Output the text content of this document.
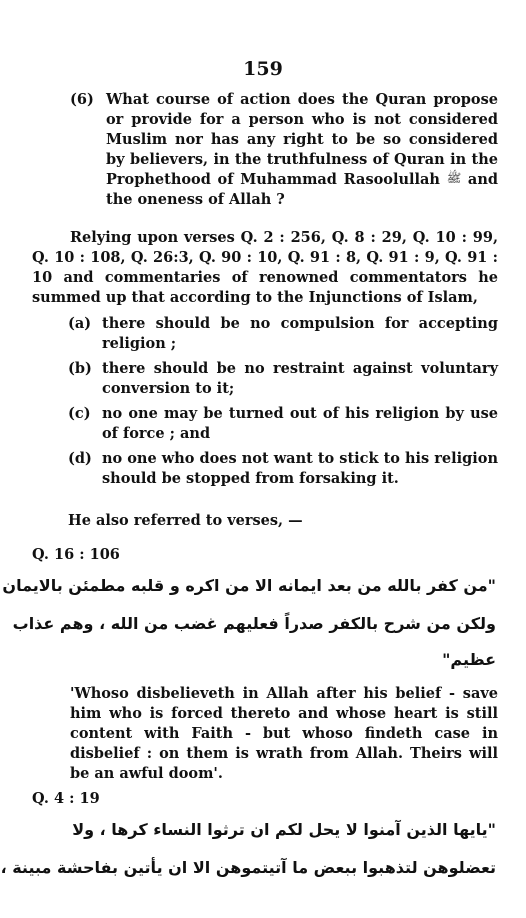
159
(6) What course of action does the Quran propose or provide for a person who is not considered Muslim nor has any right to be so considered by believers, in the truthfulness of Quran in the Prophethood of Muhammad Rasoolullah ﷺ and the oneness of Allah ?
Relying upon verses Q. 2 : 256, Q. 8 : 29, Q. 10 : 99, Q. 10 : 108, Q. 26:3, Q. 90 : 10, Q. 91 : 8, Q. 91 : 9, Q. 91 : 10 and commentaries of renowned commentators he summed up that according to the Injunctions of Islam,
(a) there should be no compulsion for accepting religion ;
(b) there should be no restraint against voluntary conversion to it;
(c) no one may be turned out of his religion by use of force ; and
(d) no one who does not want to stick to his religion should be stopped from forsaking it.
He also referred to verses, —
Q. 16 : 106
"من كفر بالله من بعد ايمانه الا من اكره و قلبه مطمئن بالايمان
ولكن من شرح بالكفر صدراً فعليهم غضب من الله ، وهم عذاب
عظيم"
'Whoso disbelieveth in Allah after his belief - save him who is forced thereto and whose heart is still content with Faith - but whoso findeth case in disbelief : on them is wrath from Allah. Theirs will be an awful doom'.
Q. 4 : 19
"يايها الذين آمنوا لا يحل لكم ان ترثوا النساء كرها ، ولا
تعضلوهن لتذهبوا ببعض ما آتيتموهن الا ان يأتين بفاحشة مبينة ،
